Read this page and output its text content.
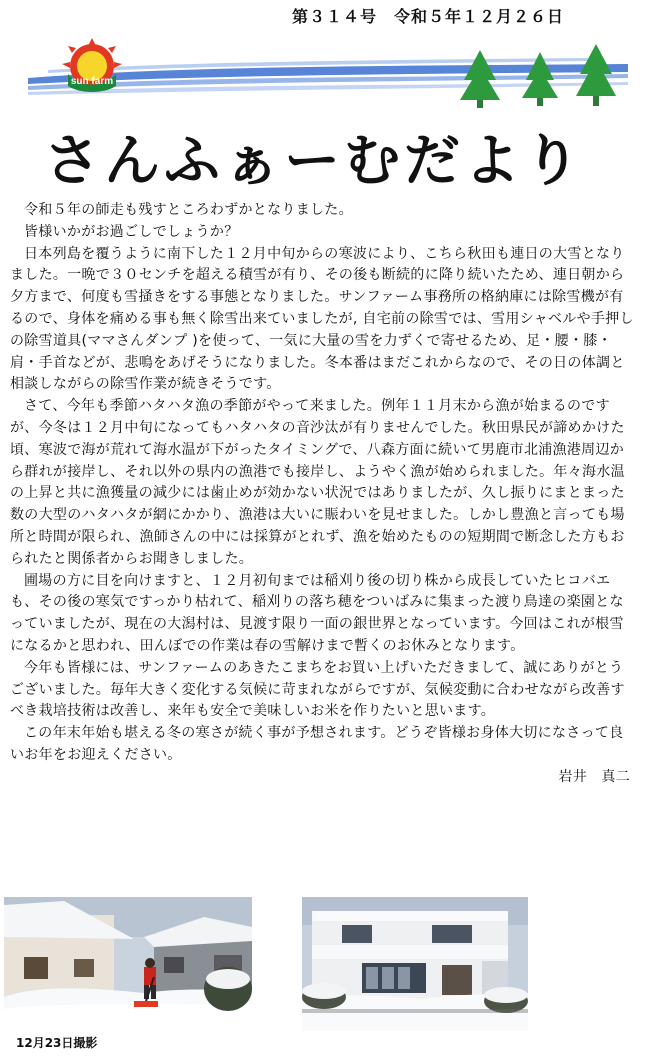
第３１４号　令和５年１２月２６日
sun farm
さんふぁーむだより

令和５年の師走も残すところわずかとなりました。

皆様いかがお過ごしでしょうか？

日本列島を覆うように南下した１２月中旬からの寒波により、こちら秋田も連日の大雪となりました。一晩で３０センチを超える積雪が有り、その後も断続的に降り続いたため、連日朝から夕方まで、何度も雪掻きをする事態となりました。サンファーム事務所の格納庫には除雪機が有るので、身体を痛める事も無く除雪出来ていましたが, 自宅前の除雪では、雪用シャベルや手押しの除雪道具(ママさんダンプ )を使って、一気に大量の雪を力ずくで寄せるため、足・腰・膝・肩・手首などが、悲鳴をあげそうになりました。冬本番はまだこれからなので、その日の体調と相談しながらの除雪作業が続きそうです。

さて、今年も季節ハタハタ漁の季節がやって来ました。例年１１月末から漁が始まるのですが、今冬は１２月中旬になってもハタハタの音沙汰が有りませんでした。秋田県民が諦めかけた頃、寒波で海が荒れて海水温が下がったタイミングで、八森方面に続いて男鹿市北浦漁港周辺から群れが接岸し、それ以外の県内の漁港でも接岸し、ようやく漁が始められました。年々海水温の上昇と共に漁獲量の減少には歯止めが効かない状況ではありましたが、久し振りにまとまった数の大型のハタハタが網にかかり、漁港は大いに賑わいを見せました。しかし豊漁と言っても場所と時間が限られ、漁師さんの中には採算がとれず、漁を始めたものの短期間で断念した方もおられたと関係者からお聞きしました。

圃場の方に目を向けますと、１２月初旬までは稲刈り後の切り株から成長していたヒコバエも、その後の寒気ですっかり枯れて、稲刈りの落ち穂をついばみに集まった渡り鳥達の楽園となっていましたが、現在の大潟村は、見渡す限り一面の銀世界となっています。今回はこれが根雪になるかと思われ、田んぼでの作業は春の雪解けまで暫くのお休みとなります。

今年も皆様には、サンファームのあきたこまちをお買い上げいただきまして、誠にありがとうございました。毎年大きく変化する気候に苛まれながらですが、気候変動に合わせながら改善すべき栽培技術は改善し、来年も安全で美味しいお米を作りたいと思います。

この年末年始も堪える冬の寒さが続く事が予想されます。どうぞ皆様お身体大切になさって良いお年をお迎えください。

岩井　真二
12月23日撮影
